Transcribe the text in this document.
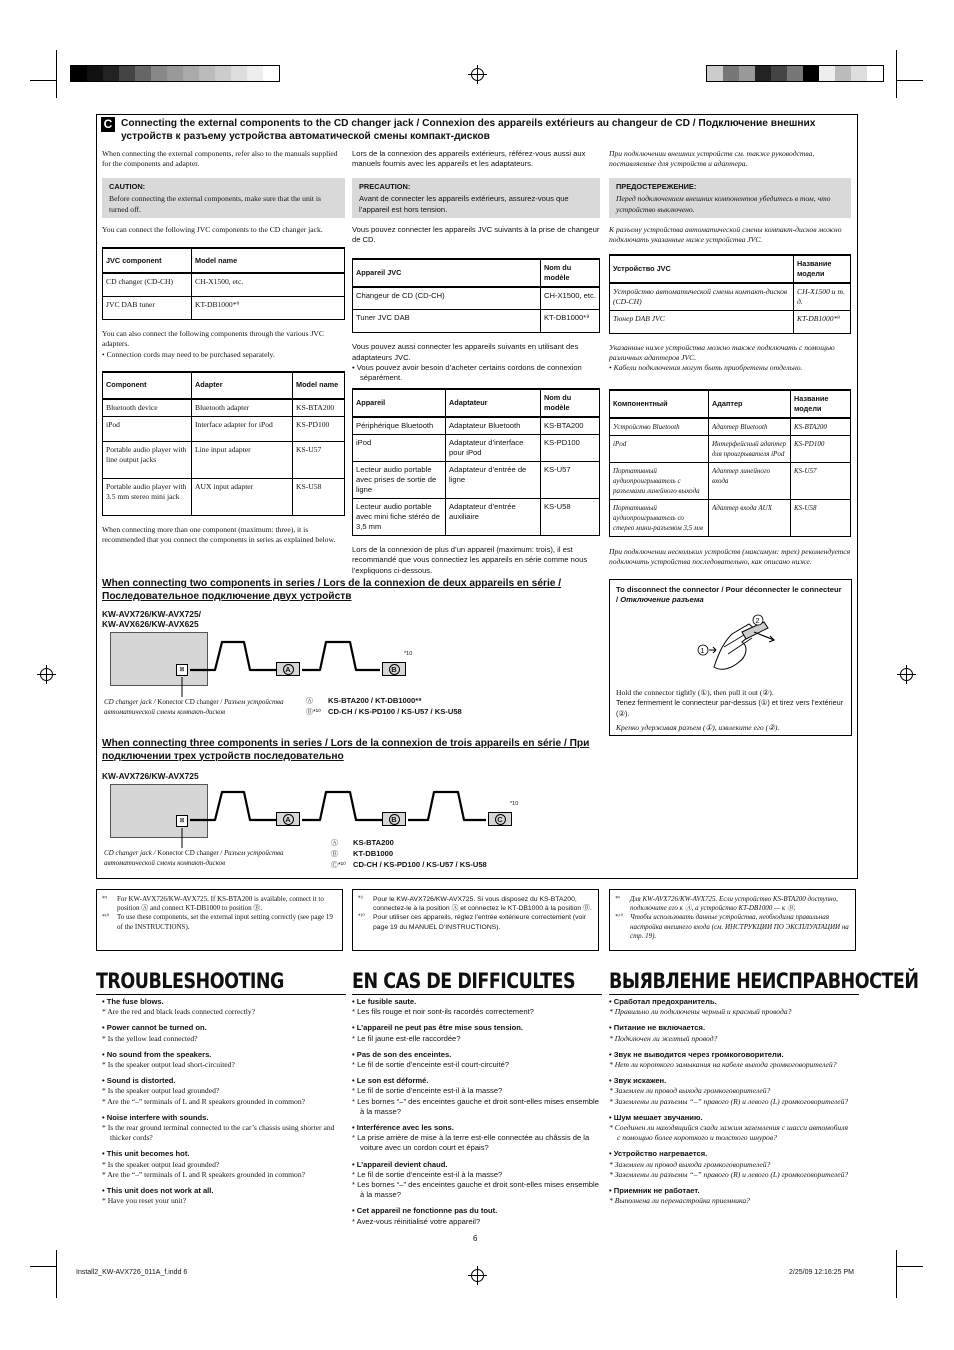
C Connecting the external components to the CD changer jack / Connexion des appareils extérieurs au changeur de CD / Подключение внешних устройств к разъему устройства автоматической смены компакт-дисков

When connecting the external components, refer also to the manuals supplied for the components and adapter.

CAUTION:
Before connecting the external components, make sure that the unit is turned off.

You can connect the following JVC components to the CD changer jack.

JVC component	Model name
CD changer (CD-CH)	CH-X1500, etc.
JVC DAB tuner	KT-DB1000*⁹

You can also connect the following components through the various JVC adapters.

• Connection cords may need to be purchased separately.

Component	Adapter	Model name
Bluetooth device	Bluetooth adapter	KS-BTA200
iPod	Interface adapter for iPod	KS-PD100
Portable audio player with line output jacks	Line input adapter	KS-U57
Portable audio player with 3.5 mm stereo mini jack	AUX input adapter	KS-U58

When connecting more than one component (maximum: three), it is recommended that you connect the components in series as explained below.

Lors de la connexion des appareils extérieurs, référez-vous aussi aux manuels fournis avec les appareils et les adaptateurs.

PRECAUTION:
Avant de connecter les appareils extérieurs, assurez-vous que l’appareil est hors tension.

Vous pouvez connecter les appareils JVC suivants à la prise de changeur de CD.

Appareil JVC	Nom du modèle
Changeur de CD (CD-CH)	CH-X1500, etc.
Tuner JVC DAB	KT-DB1000*⁹

Vous pouvez aussi connecter les appareils suivants en utilisant des adaptateurs JVC.

• Vous pouvez avoir besoin d’acheter certains cordons de connexion séparément.

Appareil	Adaptateur	Nom du modèle
Périphérique Bluetooth	Adaptateur Bluetooth	KS-BTA200
iPod	Adaptateur d’interface pour iPod	KS-PD100
Lecteur audio portable avec prises de sortie de ligne	Adaptateur d’entrée de ligne	KS-U57
Lecteur audio portable avec mini fiche stéréo de 3,5 mm	Adaptateur d’entrée auxiliaire	KS-U58

Lors de la connexion de plus d’un appareil (maximum: trois), il est recommandé que vous connectiez les appareils en série comme nous l’expliquons ci-dessous.

При подключении внешних устройств см. также руководства, поставляемые для устройств и адаптера.

ПРЕДОСТЕРЕЖЕНИЕ:
Перед подключением внешних компонентов убедитесь в том, что устройство выключено.

К разъему устройства автоматической смены компакт-дисков можно подключать указанные ниже устройства JVC.

Устройство JVC	Название модели
Устройство автоматической смены компакт-дисков (CD-CH)	CH-X1500 и т. д.
Тюнер DAB JVC	KT-DB1000*⁹

Указанные ниже устройства можно также подключать с помощью различных адаптеров JVC.

• Кабели подключения могут быть приобретены отдельно.

Компонентный	Адаптер	Название модели
Устройство Bluetooth	Адаптер Bluetooth	KS-BTA200
iPod	Интерфейсный адаптер для проигрывателя iPod	KS-PD100
Портативный аудиопроигрыватель с разъемами линейного выхода	Адаптер линейного входа	KS-U57
Портативный аудиопроигрыватель со стерео мини-разъемом 3,5 мм	Адаптер входа AUX	KS-U58

При подключении нескольких устройств (максимум: трех) рекомендуется подключить устройства последовательно, как описано ниже.

When connecting two components in series / Lors de la connexion de deux appareils en série / Последовательное подключение двух устройств
KW-AVX726/KW-AVX725/
KW-AVX626/KW-AVX625
⊠	A	B
*10
CD changer jack / Konector CD changer / Разъем устройства автоматической смены компакт-дисков
Ⓐ KS-BTA200 / KT-DB1000*⁹
Ⓑ*¹⁰ CD-CH / KS-PD100 / KS-U57 / KS-U58
To disconnect the connector / Pour déconnecter le connecteur / Отключение разъема
1
2
Hold the connector tightly (①), then pull it out (②).
Tenez fermement le connecteur par-dessus (①) et tirez vers l’extérieur (②).
Крепко удерживая разъем (①), извлеките его (②).
When connecting three components in series / Lors de la connexion de trois appareils en série / При подключении трех устройств последовательно
KW-AVX726/KW-AVX725
⊠	A	B	C
*10
CD changer jack / Konector CD changer / Разъем устройства автоматической смены компакт-дисков
Ⓐ KS-BTA200
Ⓑ KT-DB1000
Ⓒ*¹⁰ CD-CH / KS-PD100 / KS-U57 / KS-U58
*⁹	For KW-AVX726/KW-AVX725. If KS-BTA200 is available, connect it to position Ⓐ and connect KT-DB1000 to position Ⓑ.
*¹⁰	To use these components, set the external input setting correctly (see page 19 of the INSTRUCTIONS).
*⁹	Pour le KW-AVX726/KW-AVX725. Si vous disposez du KS-BTA200, connectez-le à la position Ⓐ et connectez le KT-DB1000 à la position Ⓑ.
*¹⁰	Pour utiliser ces appareils, réglez l’entrée extérieure correctement (voir page 19 du MANUEL D’INSTRUCTIONS).
*⁹	Для KW-AVX726/KW-AVX725. Если устройство KS-BTA200 доступно, подключите его к Ⓐ, а устройство KT-DB1000 — к Ⓑ.
*¹⁰	Чтобы использовать данные устройства, необходима правильная настройка внешнего входа (см. ИНСТРУКЦИИ ПО ЭКСПЛУАТАЦИИ на стр. 19).
TROUBLESHOOTING	EN CAS DE DIFFICULTES ВЫЯВЛЕНИЕ НЕИСПРАВНОСТЕЙ
• The fuse blows.
* Are the red and black leads connected correctly?
• Power cannot be turned on.
* Is the yellow lead connected?
• No sound from the speakers.
* Is the speaker output lead short-circuited?
• Sound is distorted.
* Is the speaker output lead grounded?
* Are the “–” terminals of L and R speakers grounded in common?
• Noise interfere with sounds.
* Is the rear ground terminal connected to the car’s chassis using shorter and thicker cords?
• This unit becomes hot.
* Is the speaker output lead grounded?
* Are the “–” terminals of L and R speakers grounded in common?
• This unit does not work at all.
* Have you reset your unit?
• Le fusible saute.
* Les fils rouge et noir sont-ils racordés correctement?
• L’appareil ne peut pas être mise sous tension.
* Le fil jaune est-elle raccordée?
• Pas de son des enceintes.
* Le fil de sortie d’enceinte est-il court-circuité?
• Le son est déformé.
* Le fil de sortie d’enceinte est-il à la masse?
* Les bornes “–” des enceintes gauche et droit sont-elles mises ensemble à la masse?
• Interférence avec les sons.
* La prise arrière de mise à la terre est-elle connectée au châssis de la voiture avec un cordon court et épais?
• L’appareil devient chaud.
* Le fil de sortie d’enceinte est-il à la masse?
* Les bornes “–” des enceintes gauche et droit sont-elles mises ensemble à la masse?
• Cet appareil ne fonctionne pas du tout.
* Avez-vous réinitialisé votre appareil?
• Сработал предохранитель.
* Правильно ли подключены черный и красный провода?
• Питание не включается.
* Подключен ли желтый провод?
• Звук не выводится через громкоговорители.
* Нет ли короткого замыкания на кабеле выхода громкоговорителей?
• Звук искажен.
* Заземлен ли провод выхода громкоговорителей?
* Заземлены ли разъемы “–” правого (R) и левого (L) громкоговорителей?
• Шум мешает звучанию.
* Соединен ли находящийся сзади зажим заземления с шасси автомобиля с помощью более короткого и толстого шнуров?
• Устройство нагревается.
* Заземлен ли провод выхода громкоговорителей?
* Заземлены ли разъемы “–” правого (R) и левого (L) громкоговорителей?
• Приемник не работает.
* Выполнена ли перенастройка приемника?
6
Install2_KW-AVX726_011A_f.indd 6	2/25/09 12:16:25 PM
